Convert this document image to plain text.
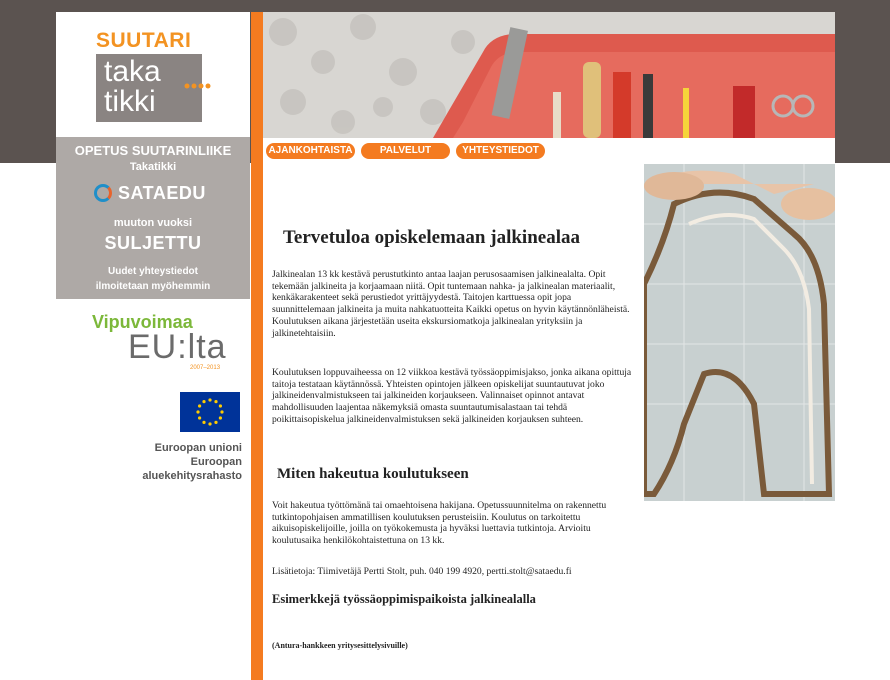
SUUTARI
taka
tikki
OPETUS SUUTARINLIIKE
Takatikki
SATAEDU
muuton vuoksi
SULJETTU
Uudet yhteystiedot
ilmoitetaan myöhemmin
Vipuvoimaa
EU:lta
2007–2013
Euroopan unioni
Euroopan aluekehitysrahasto
AJANKOHTAISTA	PALVELUT	YHTEYSTIEDOT
Tervetuloa opiskelemaan jalkinealaa
Jalkinealan 13 kk kestävä perustutkinto antaa laajan perusosaamisen jalkinealalta. Opit tekemään jalkineita ja korjaamaan niitä. Opit tuntemaan nahka- ja jalkinealan materiaalit, kenkäkarakenteet sekä perustiedot yrittäjyydestä. Taitojen karttuessa opit jopa suunnittelemaan jalkineita ja muita nahkatuotteita Kaikki opetus on hyvin käytännönläheistä. Koulutuksen aikana järjestetään useita ekskursiomatkoja jalkinealan yrityksiin ja jalkinetehtaisiin.
Koulutuksen loppuvaiheessa on 12 viikkoa kestävä työssäoppimisjakso, jonka aikana opittuja taitoja testataan käytännössä. Yhteisten opintojen jälkeen opiskelijat suuntautuvat joko jalkineidenvalmistukseen tai jalkineiden korjaukseen. Valinnaiset opinnot antavat mahdollisuuden laajentaa näkemyksiä omasta suuntautumisalastaan tai tehdä poikittaisopiskelua jalkineidenvalmistuksen sekä jalkineiden korjauksen suhteen.
Miten hakeutua koulutukseen
Voit hakeutua työttömänä tai omaehtoisena hakijana. Opetussuunnitelma on rakennettu tutkintopohjaisen ammatillisen koulutuksen perusteisiin. Koulutus on tarkoitettu aikuisopiskelijoille, joilla on työkokemusta ja hyväksi luettavia tutkintoja. Arvioitu koulutusaika henkilökohtaistettuna on 13 kk.
Lisätietoja: Tiimivetäjä Pertti Stolt, puh. 040 199 4920, pertti.stolt@sataedu.fi
Esimerkkejä työssäoppimispaikoista jalkinealalla
(Antura-hankkeen yritysesittelysivuille)
